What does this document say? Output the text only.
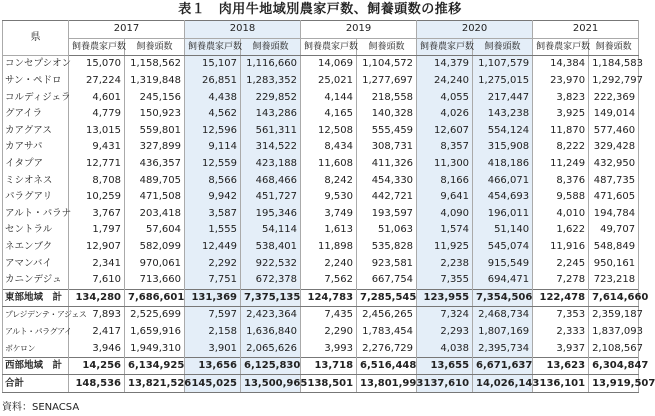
表１　肉用牛地域別農家戸数、飼養頭数の推移
県	2017		2018		2019		2020		2021	
	飼養農家戸数	飼養頭数	飼養農家戸数	飼養頭数	飼養農家戸数	飼養頭数	飼養農家戸数	飼養頭数	飼養農家戸数	飼養頭数
コンセプシオン	15,070	1,158,562	15,107	1,116,660	14,069	1,104,572	14,379	1,107,579	14,384	1,184,583
サン・ペドロ	27,224	1,319,848	26,851	1,283,352	25,021	1,277,697	24,240	1,275,015	23,970	1,292,797
コルディジェラ	4,601	245,156	4,438	229,852	4,144	218,558	4,055	217,447	3,823	222,369
グアイラ	4,779	150,923	4,562	143,286	4,165	140,328	4,026	143,238	3,925	149,014
カアグアス	13,015	559,801	12,596	561,311	12,508	555,459	12,607	554,124	11,870	577,460
カアサパ	9,431	327,899	9,114	314,522	8,434	308,731	8,357	315,908	8,222	329,428
イタプア	12,771	436,357	12,559	423,188	11,608	411,326	11,300	418,186	11,249	432,950
ミシオネス	8,708	489,705	8,566	468,466	8,242	454,330	8,166	466,071	8,376	487,735
パラグアリ	10,259	471,508	9,942	451,727	9,530	442,721	9,641	454,693	9,588	471,605
アルト・パラナ	3,767	203,418	3,587	195,346	3,749	193,597	4,090	196,011	4,010	194,784
セントラル	1,797	57,604	1,555	54,114	1,613	51,063	1,574	51,140	1,622	49,707
ネエンブク	12,907	582,099	12,449	538,401	11,898	535,828	11,925	545,074	11,916	548,849
アマンバイ	2,341	970,061	2,292	922,532	2,240	923,581	2,238	915,549	2,245	950,161
カニンデジュ	7,610	713,660	7,751	672,378	7,562	667,754	7,355	694,471	7,278	723,218
東部地域　計	134,280	7,686,601	131,369	7,375,135	124,783	7,285,545	123,955	7,354,506	122,478	7,614,660
プレジデンテ・アジェス	7,893	2,525,699	7,597	2,423,364	7,435	2,456,265	7,324	2,468,734	7,353	2,359,187
アルト・パラグアイ	2,417	1,659,916	2,158	1,636,840	2,290	1,783,454	2,293	1,807,169	2,333	1,837,093
ボケロン	3,946	1,949,310	3,901	2,065,626	3,993	2,276,729	4,038	2,395,734	3,937	2,108,567
西部地域　計	14,256	6,134,925	13,656	6,125,830	13,718	6,516,448	13,655	6,671,637	13,623	6,304,847
合計	148,536	13,821,526	145,025	13,500,965	138,501	13,801,993	137,610	14,026,143	136,101	13,919,507
資料：SENACSA
